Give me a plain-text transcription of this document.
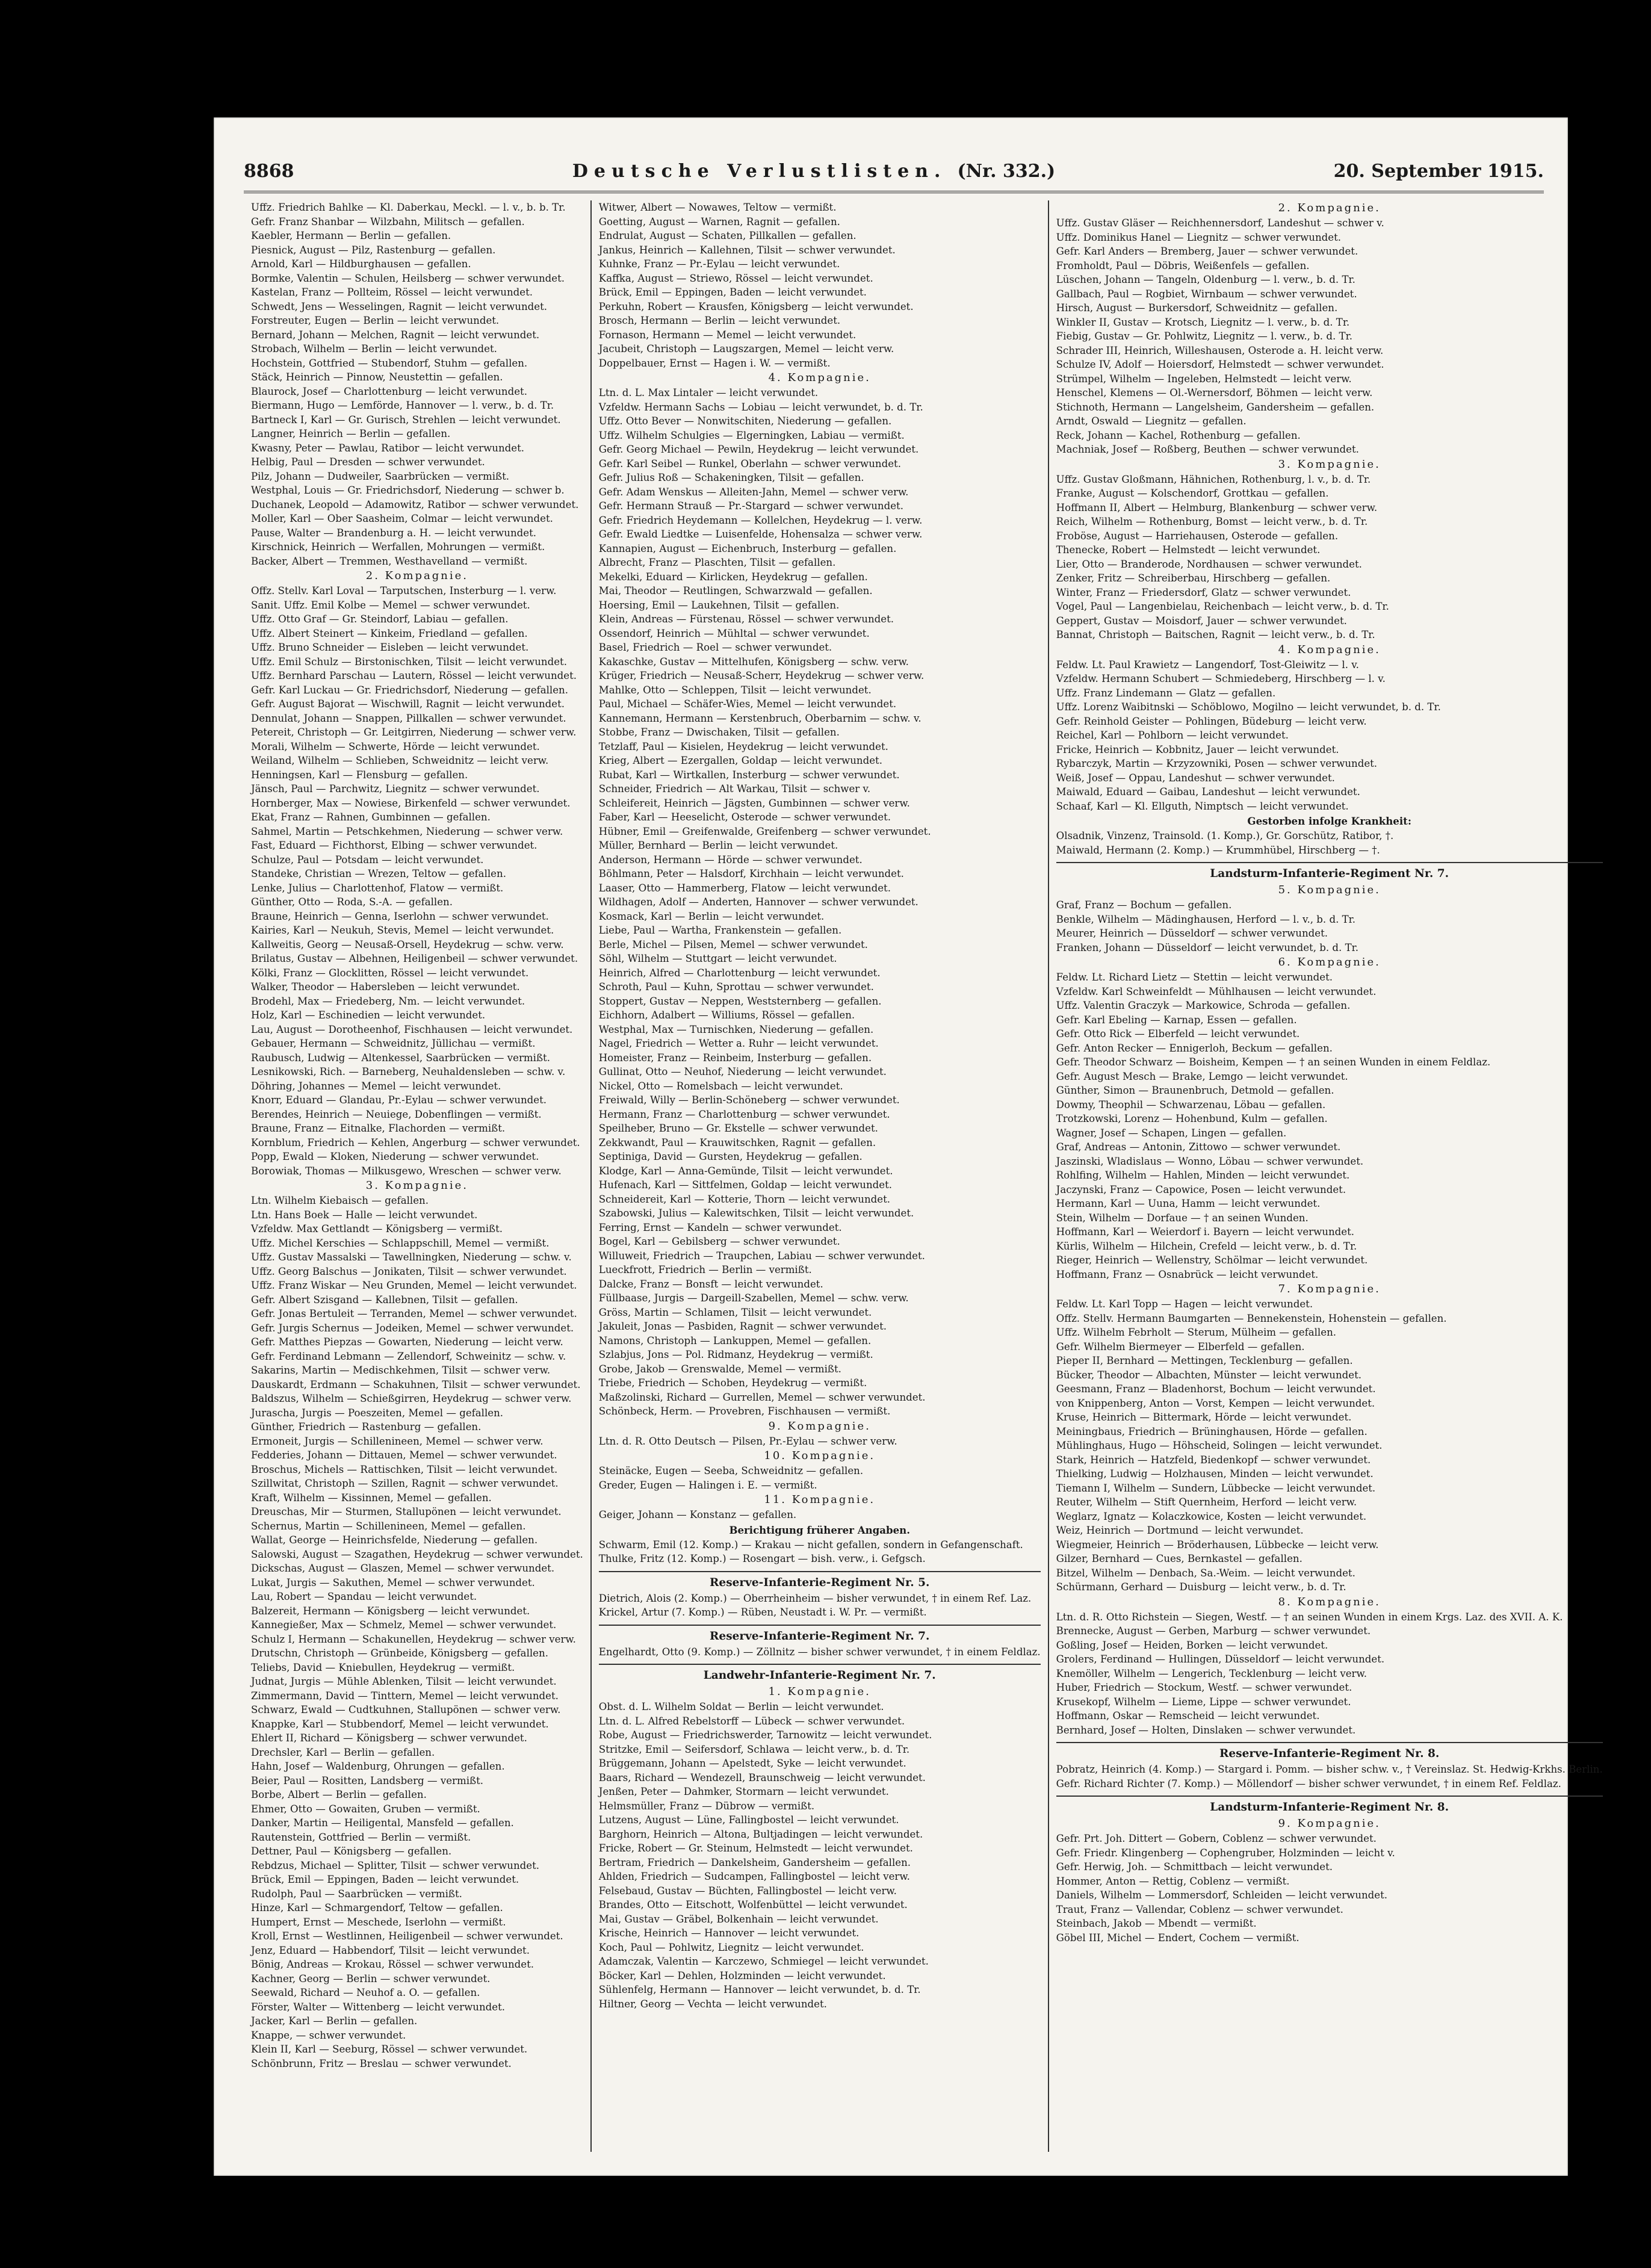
8868	Deutsche Verlustlisten. (Nr. 332.)	20. September 1915.
Uffz. Friedrich Bahlke — Kl. Daberkau, Meckl. — l. v., b. b. Tr.
Gefr. Franz Shanbar — Wilzbahn, Militsch — gefallen.
Kaebler, Hermann — Berlin — gefallen.
Piesnick, August — Pilz, Rastenburg — gefallen.
Arnold, Karl — Hildburghausen — gefallen.
Bormke, Valentin — Schulen, Heilsberg — schwer verwundet.
Kastelan, Franz — Pollteim, Rössel — leicht verwundet.
Schwedt, Jens — Wesselingen, Ragnit — leicht verwundet.
Forstreuter, Eugen — Berlin — leicht verwundet.
Bernard, Johann — Melchen, Ragnit — leicht verwundet.
Strobach, Wilhelm — Berlin — leicht verwundet.
Hochstein, Gottfried — Stubendorf, Stuhm — gefallen.
Stäck, Heinrich — Pinnow, Neustettin — gefallen.
Blaurock, Josef — Charlottenburg — leicht verwundet.
Biermann, Hugo — Lemförde, Hannover — l. verw., b. d. Tr.
Bartneck I, Karl — Gr. Gurisch, Strehlen — leicht verwundet.
Langner, Heinrich — Berlin — gefallen.
Kwasny, Peter — Pawlau, Ratibor — leicht verwundet.
Helbig, Paul — Dresden — schwer verwundet.
Pilz, Johann — Dudweiler, Saarbrücken — vermißt.
Westphal, Louis — Gr. Friedrichsdorf, Niederung — schwer b.
Duchanek, Leopold — Adamowitz, Ratibor — schwer verwundet.
Moller, Karl — Ober Saasheim, Colmar — leicht verwundet.
Pause, Walter — Brandenburg a. H. — leicht verwundet.
Kirschnick, Heinrich — Werfallen, Mohrungen — vermißt.
Backer, Albert — Tremmen, Westhavelland — vermißt.
2. Kompagnie.
Offz. Stellv. Karl Loval — Tarputschen, Insterburg — l. verw.
Sanit. Uffz. Emil Kolbe — Memel — schwer verwundet.
Uffz. Otto Graf — Gr. Steindorf, Labiau — gefallen.
Uffz. Albert Steinert — Kinkeim, Friedland — gefallen.
Uffz. Bruno Schneider — Eisleben — leicht verwundet.
Uffz. Emil Schulz — Birstonischken, Tilsit — leicht verwundet.
Uffz. Bernhard Parschau — Lautern, Rössel — leicht verwundet.
Gefr. Karl Luckau — Gr. Friedrichsdorf, Niederung — gefallen.
Gefr. August Bajorat — Wischwill, Ragnit — leicht verwundet.
Dennulat, Johann — Snappen, Pillkallen — schwer verwundet.
Petereit, Christoph — Gr. Leitgirren, Niederung — schwer verw.
Morali, Wilhelm — Schwerte, Hörde — leicht verwundet.
Weiland, Wilhelm — Schlieben, Schweidnitz — leicht verw.
Henningsen, Karl — Flensburg — gefallen.
Jänsch, Paul — Parchwitz, Liegnitz — schwer verwundet.
Hornberger, Max — Nowiese, Birkenfeld — schwer verwundet.
Ekat, Franz — Rahnen, Gumbinnen — gefallen.
Sahmel, Martin — Petschkehmen, Niederung — schwer verw.
Fast, Eduard — Fichthorst, Elbing — schwer verwundet.
Schulze, Paul — Potsdam — leicht verwundet.
Standeke, Christian — Wrezen, Teltow — gefallen.
Lenke, Julius — Charlottenhof, Flatow — vermißt.
Günther, Otto — Roda, S.-A. — gefallen.
Braune, Heinrich — Genna, Iserlohn — schwer verwundet.
Kairies, Karl — Neukuh, Stevis, Memel — leicht verwundet.
Kallweitis, Georg — Neusaß-Orsell, Heydekrug — schw. verw.
Brilatus, Gustav — Albehnen, Heiligenbeil — schwer verwundet.
Kölki, Franz — Glocklitten, Rössel — leicht verwundet.
Walker, Theodor — Habersleben — leicht verwundet.
Brodehl, Max — Friedeberg, Nm. — leicht verwundet.
Holz, Karl — Eschinedien — leicht verwundet.
Lau, August — Dorotheenhof, Fischhausen — leicht verwundet.
Gebauer, Hermann — Schweidnitz, Jüllichau — vermißt.
Raubusch, Ludwig — Altenkessel, Saarbrücken — vermißt.
Lesnikowski, Rich. — Barneberg, Neuhaldensleben — schw. v.
Döhring, Johannes — Memel — leicht verwundet.
Knorr, Eduard — Glandau, Pr.-Eylau — schwer verwundet.
Berendes, Heinrich — Neuiege, Dobenflingen — vermißt.
Braune, Franz — Eitnalke, Flachorden — vermißt.
Kornblum, Friedrich — Kehlen, Angerburg — schwer verwundet.
Popp, Ewald — Kloken, Niederung — schwer verwundet.
Borowiak, Thomas — Milkusgewo, Wreschen — schwer verw.
3. Kompagnie.
Ltn. Wilhelm Kiebaisch — gefallen.
Ltn. Hans Boek — Halle — leicht verwundet.
Vzfeldw. Max Gettlandt — Königsberg — vermißt.
Uffz. Michel Kerschies — Schlappschill, Memel — vermißt.
Uffz. Gustav Massalski — Tawellningken, Niederung — schw. v.
Uffz. Georg Balschus — Jonikaten, Tilsit — schwer verwundet.
Uffz. Franz Wiskar — Neu Grunden, Memel — leicht verwundet.
Gefr. Albert Szisgand — Kallebnen, Tilsit — gefallen.
Gefr. Jonas Bertuleit — Terranden, Memel — schwer verwundet.
Gefr. Jurgis Schernus — Jodeiken, Memel — schwer verwundet.
Gefr. Matthes Piepzas — Gowarten, Niederung — leicht verw.
Gefr. Ferdinand Lebmann — Zellendorf, Schweinitz — schw. v.
Sakarins, Martin — Medischkehmen, Tilsit — schwer verw.
Dauskardt, Erdmann — Schakuhnen, Tilsit — schwer verwundet.
Baldszus, Wilhelm — Schießgirren, Heydekrug — schwer verw.
Jurascha, Jurgis — Poeszeiten, Memel — gefallen.
Günther, Friedrich — Rastenburg — gefallen.
Ermoneit, Jurgis — Schillenineen, Memel — schwer verw.
Fedderies, Johann — Dittauen, Memel — schwer verwundet.
Broschus, Michels — Rattischken, Tilsit — leicht verwundet.
Szillwitat, Christoph — Szillen, Ragnit — schwer verwundet.
Kraft, Wilhelm — Kissinnen, Memel — gefallen.
Dreuschas, Mir — Sturmen, Stallupönen — leicht verwundet.
Schernus, Martin — Schillenineen, Memel — gefallen.
Wallat, George — Heinrichsfelde, Niederung — gefallen.
Salowski, August — Szagathen, Heydekrug — schwer verwundet.
Dickschas, August — Glaszen, Memel — schwer verwundet.
Lukat, Jurgis — Sakuthen, Memel — schwer verwundet.
Lau, Robert — Spandau — leicht verwundet.
Balzereit, Hermann — Königsberg — leicht verwundet.
Kannegießer, Max — Schmelz, Memel — schwer verwundet.
Schulz I, Hermann — Schakunellen, Heydekrug — schwer verw.
Drutschn, Christoph — Grünbeide, Königsberg — gefallen.
Teliebs, David — Kniebullen, Heydekrug — vermißt.
Judnat, Jurgis — Mühle Ablenken, Tilsit — leicht verwundet.
Zimmermann, David — Tinttern, Memel — leicht verwundet.
Schwarz, Ewald — Cudtkuhnen, Stallupönen — schwer verw.
Knappke, Karl — Stubbendorf, Memel — leicht verwundet.
Ehlert II, Richard — Königsberg — schwer verwundet.
Drechsler, Karl — Berlin — gefallen.
Hahn, Josef — Waldenburg, Ohrungen — gefallen.
Beier, Paul — Rositten, Landsberg — vermißt.
Borbe, Albert — Berlin — gefallen.
Ehmer, Otto — Gowaiten, Gruben — vermißt.
Danker, Martin — Heiligental, Mansfeld — gefallen.
Rautenstein, Gottfried — Berlin — vermißt.
Dettner, Paul — Königsberg — gefallen.
Rebdzus, Michael — Splitter, Tilsit — schwer verwundet.
Brück, Emil — Eppingen, Baden — leicht verwundet.
Rudolph, Paul — Saarbrücken — vermißt.
Hinze, Karl — Schmargendorf, Teltow — gefallen.
Humpert, Ernst — Meschede, Iserlohn — vermißt.
Kroll, Ernst — Westlinnen, Heiligenbeil — schwer verwundet.
Jenz, Eduard — Habbendorf, Tilsit — leicht verwundet.
Bönig, Andreas — Krokau, Rössel — schwer verwundet.
Kachner, Georg — Berlin — schwer verwundet.
Seewald, Richard — Neuhof a. O. — gefallen.
Förster, Walter — Wittenberg — leicht verwundet.
Jacker, Karl — Berlin — gefallen.
Knappe, — schwer verwundet.
Klein II, Karl — Seeburg, Rössel — schwer verwundet.
Schönbrunn, Fritz — Breslau — schwer verwundet.
Witwer, Albert — Nowawes, Teltow — vermißt.
Goetting, August — Warnen, Ragnit — gefallen.
Endrulat, August — Schaten, Pillkallen — gefallen.
Jankus, Heinrich — Kallehnen, Tilsit — schwer verwundet.
Kuhnke, Franz — Pr.-Eylau — leicht verwundet.
Kaffka, August — Striewo, Rössel — leicht verwundet.
Brück, Emil — Eppingen, Baden — leicht verwundet.
Perkuhn, Robert — Krausfen, Königsberg — leicht verwundet.
Brosch, Hermann — Berlin — leicht verwundet.
Fornason, Hermann — Memel — leicht verwundet.
Jacubeit, Christoph — Laugszargen, Memel — leicht verw.
Doppelbauer, Ernst — Hagen i. W. — vermißt.
4. Kompagnie.
Ltn. d. L. Max Lintaler — leicht verwundet.
Vzfeldw. Hermann Sachs — Lobiau — leicht verwundet, b. d. Tr.
Uffz. Otto Bever — Nonwitschiten, Niederung — gefallen.
Uffz. Wilhelm Schulgies — Elgerningken, Labiau — vermißt.
Gefr. Georg Michael — Pewiln, Heydekrug — leicht verwundet.
Gefr. Karl Seibel — Runkel, Oberlahn — schwer verwundet.
Gefr. Julius Roß — Schakeningken, Tilsit — gefallen.
Gefr. Adam Wenskus — Alleiten-Jahn, Memel — schwer verw.
Gefr. Hermann Strauß — Pr.-Stargard — schwer verwundet.
Gefr. Friedrich Heydemann — Kollelchen, Heydekrug — l. verw.
Gefr. Ewald Liedtke — Luisenfelde, Hohensalza — schwer verw.
Kannapien, August — Eichenbruch, Insterburg — gefallen.
Albrecht, Franz — Plaschten, Tilsit — gefallen.
Mekelki, Eduard — Kirlicken, Heydekrug — gefallen.
Mai, Theodor — Reutlingen, Schwarzwald — gefallen.
Hoersing, Emil — Laukehnen, Tilsit — gefallen.
Klein, Andreas — Fürstenau, Rössel — schwer verwundet.
Ossendorf, Heinrich — Mühltal — schwer verwundet.
Basel, Friedrich — Roel — schwer verwundet.
Kakaschke, Gustav — Mittelhufen, Königsberg — schw. verw.
Krüger, Friedrich — Neusaß-Scherr, Heydekrug — schwer verw.
Mahlke, Otto — Schleppen, Tilsit — leicht verwundet.
Paul, Michael — Schäfer-Wies, Memel — leicht verwundet.
Kannemann, Hermann — Kerstenbruch, Oberbarnim — schw. v.
Stobbe, Franz — Dwischaken, Tilsit — gefallen.
Tetzlaff, Paul — Kisielen, Heydekrug — leicht verwundet.
Krieg, Albert — Ezergallen, Goldap — leicht verwundet.
Rubat, Karl — Wirtkallen, Insterburg — schwer verwundet.
Schneider, Friedrich — Alt Warkau, Tilsit — schwer v.
Schleifereit, Heinrich — Jägsten, Gumbinnen — schwer verw.
Faber, Karl — Heeselicht, Osterode — schwer verwundet.
Hübner, Emil — Greifenwalde, Greifenberg — schwer verwundet.
Müller, Bernhard — Berlin — leicht verwundet.
Anderson, Hermann — Hörde — schwer verwundet.
Böhlmann, Peter — Halsdorf, Kirchhain — leicht verwundet.
Laaser, Otto — Hammerberg, Flatow — leicht verwundet.
Wildhagen, Adolf — Anderten, Hannover — schwer verwundet.
Kosmack, Karl — Berlin — leicht verwundet.
Liebe, Paul — Wartha, Frankenstein — gefallen.
Berle, Michel — Pilsen, Memel — schwer verwundet.
Söhl, Wilhelm — Stuttgart — leicht verwundet.
Heinrich, Alfred — Charlottenburg — leicht verwundet.
Schroth, Paul — Kuhn, Sprottau — schwer verwundet.
Stoppert, Gustav — Neppen, Weststernberg — gefallen.
Eichhorn, Adalbert — Williums, Rössel — gefallen.
Westphal, Max — Turnischken, Niederung — gefallen.
Nagel, Friedrich — Wetter a. Ruhr — leicht verwundet.
Homeister, Franz — Reinbeim, Insterburg — gefallen.
Gullinat, Otto — Neuhof, Niederung — leicht verwundet.
Nickel, Otto — Romelsbach — leicht verwundet.
Freiwald, Willy — Berlin-Schöneberg — schwer verwundet.
Hermann, Franz — Charlottenburg — schwer verwundet.
Speilheber, Bruno — Gr. Ekstelle — schwer verwundet.
Zekkwandt, Paul — Krauwitschken, Ragnit — gefallen.
Septiniga, David — Gursten, Heydekrug — gefallen.
Klodge, Karl — Anna-Gemünde, Tilsit — leicht verwundet.
Hufenach, Karl — Sittfelmen, Goldap — leicht verwundet.
Schneidereit, Karl — Kotterie, Thorn — leicht verwundet.
Szabowski, Julius — Kalewitschken, Tilsit — leicht verwundet.
Ferring, Ernst — Kandeln — schwer verwundet.
Bogel, Karl — Gebilsberg — schwer verwundet.
Willuweit, Friedrich — Traupchen, Labiau — schwer verwundet.
Lueckfrott, Friedrich — Berlin — vermißt.
Dalcke, Franz — Bonsft — leicht verwundet.
Füllbaase, Jurgis — Dargeill-Szabellen, Memel — schw. verw.
Gröss, Martin — Schlamen, Tilsit — leicht verwundet.
Jakuleit, Jonas — Pasbiden, Ragnit — schwer verwundet.
Namons, Christoph — Lankuppen, Memel — gefallen.
Szlabjus, Jons — Pol. Ridmanz, Heydekrug — vermißt.
Grobe, Jakob — Grenswalde, Memel — vermißt.
Triebe, Friedrich — Schoben, Heydekrug — vermißt.
Maßzolinski, Richard — Gurrellen, Memel — schwer verwundet.
Schönbeck, Herm. — Provebren, Fischhausen — vermißt.
9. Kompagnie.
Ltn. d. R. Otto Deutsch — Pilsen, Pr.-Eylau — schwer verw.
10. Kompagnie.
Steinäcke, Eugen — Seeba, Schweidnitz — gefallen.
Greder, Eugen — Halingen i. E. — vermißt.
11. Kompagnie.
Geiger, Johann — Konstanz — gefallen.
Berichtigung früherer Angaben.
Schwarm, Emil (12. Komp.) — Krakau — nicht gefallen, sondern in Gefangenschaft.
Thulke, Fritz (12. Komp.) — Rosengart — bish. verw., i. Gefgsch.
Reserve-Infanterie-Regiment Nr. 5.
Dietrich, Alois (2. Komp.) — Oberrheinheim — bisher verwundet, † in einem Ref. Laz.
Krickel, Artur (7. Komp.) — Rüben, Neustadt i. W. Pr. — vermißt.
Reserve-Infanterie-Regiment Nr. 7.
Engelhardt, Otto (9. Komp.) — Zöllnitz — bisher schwer verwundet, † in einem Feldlaz.
Landwehr-Infanterie-Regiment Nr. 7.
1. Kompagnie.
Obst. d. L. Wilhelm Soldat — Berlin — leicht verwundet.
Ltn. d. L. Alfred Rebelstorff — Lübeck — schwer verwundet.
Robe, August — Friedrichswerder, Tarnowitz — leicht verwundet.
Stritzke, Emil — Seifersdorf, Schlawa — leicht verw., b. d. Tr.
Brüggemann, Johann — Apelstedt, Syke — leicht verwundet.
Baars, Richard — Wendezell, Braunschweig — leicht verwundet.
Jenßen, Peter — Dahmker, Stormarn — leicht verwundet.
Helmsmüller, Franz — Dübrow — vermißt.
Lutzens, August — Lüne, Fallingbostel — leicht verwundet.
Barghorn, Heinrich — Altona, Bultjadingen — leicht verwundet.
Fricke, Robert — Gr. Steinum, Helmstedt — leicht verwundet.
Bertram, Friedrich — Dankelsheim, Gandersheim — gefallen.
Ahlden, Friedrich — Sudcampen, Fallingbostel — leicht verw.
Felsebaud, Gustav — Büchten, Fallingbostel — leicht verw.
Brandes, Otto — Eitschott, Wolfenbüttel — leicht verwundet.
Mai, Gustav — Gräbel, Bolkenhain — leicht verwundet.
Krische, Heinrich — Hannover — leicht verwundet.
Koch, Paul — Pohlwitz, Liegnitz — leicht verwundet.
Adamczak, Valentin — Karczewo, Schmiegel — leicht verwundet.
Böcker, Karl — Dehlen, Holzminden — leicht verwundet.
Sühlenfelg, Hermann — Hannover — leicht verwundet, b. d. Tr.
Hiltner, Georg — Vechta — leicht verwundet.
2. Kompagnie.
Uffz. Gustav Gläser — Reichhennersdorf, Landeshut — schwer v.
Uffz. Dominikus Hanel — Liegnitz — schwer verwundet.
Gefr. Karl Anders — Bremberg, Jauer — schwer verwundet.
Fromholdt, Paul — Döbris, Weißenfels — gefallen.
Lüschen, Johann — Tangeln, Oldenburg — l. verw., b. d. Tr.
Gallbach, Paul — Rogbiet, Wirnbaum — schwer verwundet.
Hirsch, August — Burkersdorf, Schweidnitz — gefallen.
Winkler II, Gustav — Krotsch, Liegnitz — l. verw., b. d. Tr.
Fiebig, Gustav — Gr. Pohlwitz, Liegnitz — l. verw., b. d. Tr.
Schrader III, Heinrich, Willeshausen, Osterode a. H. leicht verw.
Schulze IV, Adolf — Hoiersdorf, Helmstedt — schwer verwundet.
Strümpel, Wilhelm — Ingeleben, Helmstedt — leicht verw.
Henschel, Klemens — Ol.-Wernersdorf, Böhmen — leicht verw.
Stichnoth, Hermann — Langelsheim, Gandersheim — gefallen.
Arndt, Oswald — Liegnitz — gefallen.
Reck, Johann — Kachel, Rothenburg — gefallen.
Machniak, Josef — Roßberg, Beuthen — schwer verwundet.
3. Kompagnie.
Uffz. Gustav Gloßmann, Hähnichen, Rothenburg, l. v., b. d. Tr.
Franke, August — Kolschendorf, Grottkau — gefallen.
Hoffmann II, Albert — Helmburg, Blankenburg — schwer verw.
Reich, Wilhelm — Rothenburg, Bomst — leicht verw., b. d. Tr.
Froböse, August — Harriehausen, Osterode — gefallen.
Thenecke, Robert — Helmstedt — leicht verwundet.
Lier, Otto — Branderode, Nordhausen — schwer verwundet.
Zenker, Fritz — Schreiberbau, Hirschberg — gefallen.
Winter, Franz — Friedersdorf, Glatz — schwer verwundet.
Vogel, Paul — Langenbielau, Reichenbach — leicht verw., b. d. Tr.
Geppert, Gustav — Moisdorf, Jauer — schwer verwundet.
Bannat, Christoph — Baitschen, Ragnit — leicht verw., b. d. Tr.
4. Kompagnie.
Feldw. Lt. Paul Krawietz — Langendorf, Tost-Gleiwitz — l. v.
Vzfeldw. Hermann Schubert — Schmiedeberg, Hirschberg — l. v.
Uffz. Franz Lindemann — Glatz — gefallen.
Uffz. Lorenz Waibitnski — Schöblowo, Mogilno — leicht verwundet, b. d. Tr.
Gefr. Reinhold Geister — Pohlingen, Büdeburg — leicht verw.
Reichel, Karl — Pohlborn — leicht verwundet.
Fricke, Heinrich — Kobbnitz, Jauer — leicht verwundet.
Rybarczyk, Martin — Krzyzowniki, Posen — schwer verwundet.
Weiß, Josef — Oppau, Landeshut — schwer verwundet.
Maiwald, Eduard — Gaibau, Landeshut — leicht verwundet.
Schaaf, Karl — Kl. Ellguth, Nimptsch — leicht verwundet.
Gestorben infolge Krankheit:
Olsadnik, Vinzenz, Trainsold. (1. Komp.), Gr. Gorschütz, Ratibor, †.
Maiwald, Hermann (2. Komp.) — Krummhübel, Hirschberg — †.
Landsturm-Infanterie-Regiment Nr. 7.
5. Kompagnie.
Graf, Franz — Bochum — gefallen.
Benkle, Wilhelm — Mädinghausen, Herford — l. v., b. d. Tr.
Meurer, Heinrich — Düsseldorf — schwer verwundet.
Franken, Johann — Düsseldorf — leicht verwundet, b. d. Tr.
6. Kompagnie.
Feldw. Lt. Richard Lietz — Stettin — leicht verwundet.
Vzfeldw. Karl Schweinfeldt — Mühlhausen — leicht verwundet.
Uffz. Valentin Graczyk — Markowice, Schroda — gefallen.
Gefr. Karl Ebeling — Karnap, Essen — gefallen.
Gefr. Otto Rick — Elberfeld — leicht verwundet.
Gefr. Anton Recker — Ennigerloh, Beckum — gefallen.
Gefr. Theodor Schwarz — Boisheim, Kempen — † an seinen Wunden in einem Feldlaz.
Gefr. August Mesch — Brake, Lemgo — leicht verwundet.
Günther, Simon — Braunenbruch, Detmold — gefallen.
Dowmy, Theophil — Schwarzenau, Löbau — gefallen.
Trotzkowski, Lorenz — Hohenbund, Kulm — gefallen.
Wagner, Josef — Schapen, Lingen — gefallen.
Graf, Andreas — Antonin, Zittowo — schwer verwundet.
Jaszinski, Wladislaus — Wonno, Löbau — schwer verwundet.
Rohlfing, Wilhelm — Hahlen, Minden — leicht verwundet.
Jaczynski, Franz — Capowice, Posen — leicht verwundet.
Hermann, Karl — Uuna, Hamm — leicht verwundet.
Stein, Wilhelm — Dorfaue — † an seinen Wunden.
Hoffmann, Karl — Weierdorf i. Bayern — leicht verwundet.
Kürlis, Wilhelm — Hilchein, Crefeld — leicht verw., b. d. Tr.
Rieger, Heinrich — Wellenstry, Schölmar — leicht verwundet.
Hoffmann, Franz — Osnabrück — leicht verwundet.
7. Kompagnie.
Feldw. Lt. Karl Topp — Hagen — leicht verwundet.
Offz. Stellv. Hermann Baumgarten — Bennekenstein, Hohenstein — gefallen.
Uffz. Wilhelm Febrholt — Sterum, Mülheim — gefallen.
Gefr. Wilhelm Biermeyer — Elberfeld — gefallen.
Pieper II, Bernhard — Mettingen, Tecklenburg — gefallen.
Bücker, Theodor — Albachten, Münster — leicht verwundet.
Geesmann, Franz — Bladenhorst, Bochum — leicht verwundet.
von Knippenberg, Anton — Vorst, Kempen — leicht verwundet.
Kruse, Heinrich — Bittermark, Hörde — leicht verwundet.
Meiningbaus, Friedrich — Brüninghausen, Hörde — gefallen.
Mühlinghaus, Hugo — Höhscheid, Solingen — leicht verwundet.
Stark, Heinrich — Hatzfeld, Biedenkopf — schwer verwundet.
Thielking, Ludwig — Holzhausen, Minden — leicht verwundet.
Tiemann I, Wilhelm — Sundern, Lübbecke — leicht verwundet.
Reuter, Wilhelm — Stift Quernheim, Herford — leicht verw.
Weglarz, Ignatz — Kolaczkowice, Kosten — leicht verwundet.
Weiz, Heinrich — Dortmund — leicht verwundet.
Wiegmeier, Heinrich — Bröderhausen, Lübbecke — leicht verw.
Gilzer, Bernhard — Cues, Bernkastel — gefallen.
Bitzel, Wilhelm — Denbach, Sa.-Weim. — leicht verwundet.
Schürmann, Gerhard — Duisburg — leicht verw., b. d. Tr.
8. Kompagnie.
Ltn. d. R. Otto Richstein — Siegen, Westf. — † an seinen Wunden in einem Krgs. Laz. des XVII. A. K.
Brennecke, August — Gerben, Marburg — schwer verwundet.
Goßling, Josef — Heiden, Borken — leicht verwundet.
Grolers, Ferdinand — Hullingen, Düsseldorf — leicht verwundet.
Knemöller, Wilhelm — Lengerich, Tecklenburg — leicht verw.
Huber, Friedrich — Stockum, Westf. — schwer verwundet.
Krusekopf, Wilhelm — Lieme, Lippe — schwer verwundet.
Hoffmann, Oskar — Remscheid — leicht verwundet.
Bernhard, Josef — Holten, Dinslaken — schwer verwundet.
Reserve-Infanterie-Regiment Nr. 8.
Pobratz, Heinrich (4. Komp.) — Stargard i. Pomm. — bisher schw. v., † Vereinslaz. St. Hedwig-Krkhs. Berlin.
Gefr. Richard Richter (7. Komp.) — Möllendorf — bisher schwer verwundet, † in einem Ref. Feldlaz.
Landsturm-Infanterie-Regiment Nr. 8.
9. Kompagnie.
Gefr. Prt. Joh. Dittert — Gobern, Coblenz — schwer verwundet.
Gefr. Friedr. Klingenberg — Cophengruber, Holzminden — leicht v.
Gefr. Herwig, Joh. — Schmittbach — leicht verwundet.
Hommer, Anton — Rettig, Coblenz — vermißt.
Daniels, Wilhelm — Lommersdorf, Schleiden — leicht verwundet.
Traut, Franz — Vallendar, Coblenz — schwer verwundet.
Steinbach, Jakob — Mbendt — vermißt.
Göbel III, Michel — Endert, Cochem — vermißt.
